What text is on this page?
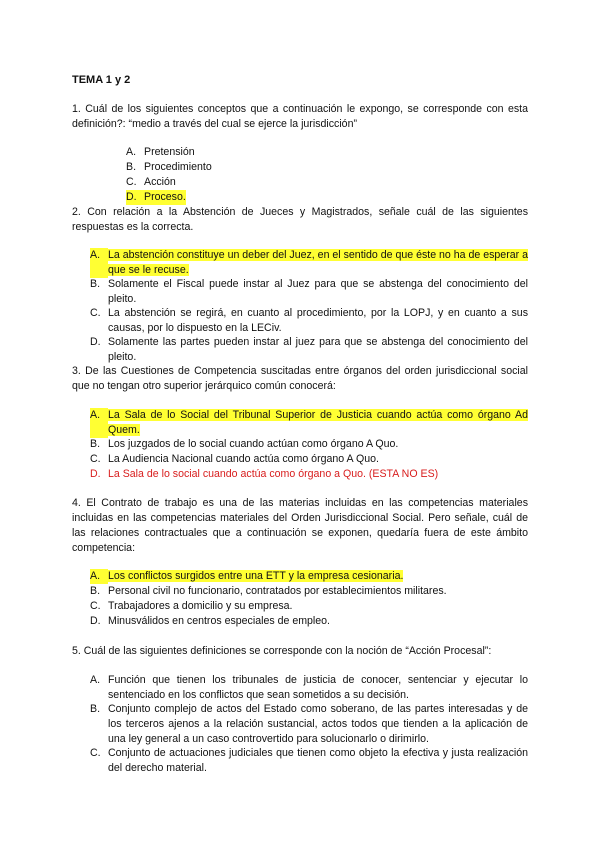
TEMA 1 y 2
1. Cuál de los siguientes conceptos que a continuación le expongo, se corresponde con esta definición?: “medio a través del cual se ejerce la jurisdicción”
A. Pretensión
B. Procedimiento
C. Acción
D. Proceso.
2. Con relación a la Abstención de Jueces y Magistrados, señale cuál de las siguientes respuestas es la correcta.
A. La abstención constituye un deber del Juez, en el sentido de que éste no ha de esperar a que se le recuse.
B. Solamente el Fiscal puede instar al Juez para que se abstenga del conocimiento del pleito.
C. La abstención se regirá, en cuanto al procedimiento, por la LOPJ, y en cuanto a sus causas, por lo dispuesto en la LECiv.
D. Solamente las partes pueden instar al juez para que se abstenga del conocimiento del pleito.
3. De las Cuestiones de Competencia suscitadas entre órganos del orden jurisdiccional social que no tengan otro superior jerárquico común conocerá:
A. La Sala de lo Social del Tribunal Superior de Justicia cuando actúa como órgano Ad Quem.
B. Los juzgados de lo social cuando actúan como órgano A Quo.
C. La Audiencia Nacional cuando actúa como órgano A Quo.
D. La Sala de lo social cuando actúa como órgano a Quo. (ESTA NO ES)
4. El Contrato de trabajo es una de las materias incluidas en las competencias materiales incluidas en las competencias materiales del Orden Jurisdiccional Social. Pero señale, cuál de las relaciones contractuales que a continuación se exponen, quedaría fuera de este ámbito competencia:
A. Los conflictos surgidos entre una ETT y la empresa cesionaria.
B. Personal civil no funcionario, contratados por establecimientos militares.
C. Trabajadores a domicilio y su empresa.
D. Minusválidos en centros especiales de empleo.
5. Cuál de las siguientes definiciones se corresponde con la noción de “Acción Procesal”:
A. Función que tienen los tribunales de justicia de conocer, sentenciar y ejecutar lo sentenciado en los conflictos que sean sometidos a su decisión.
B. Conjunto complejo de actos del Estado como soberano, de las partes interesadas y de los terceros ajenos a la relación sustancial, actos todos que tienden a la aplicación de una ley general a un caso controvertido para solucionarlo o dirimirlo.
C. Conjunto de actuaciones judiciales que tienen como objeto la efectiva y justa realización del derecho material.
